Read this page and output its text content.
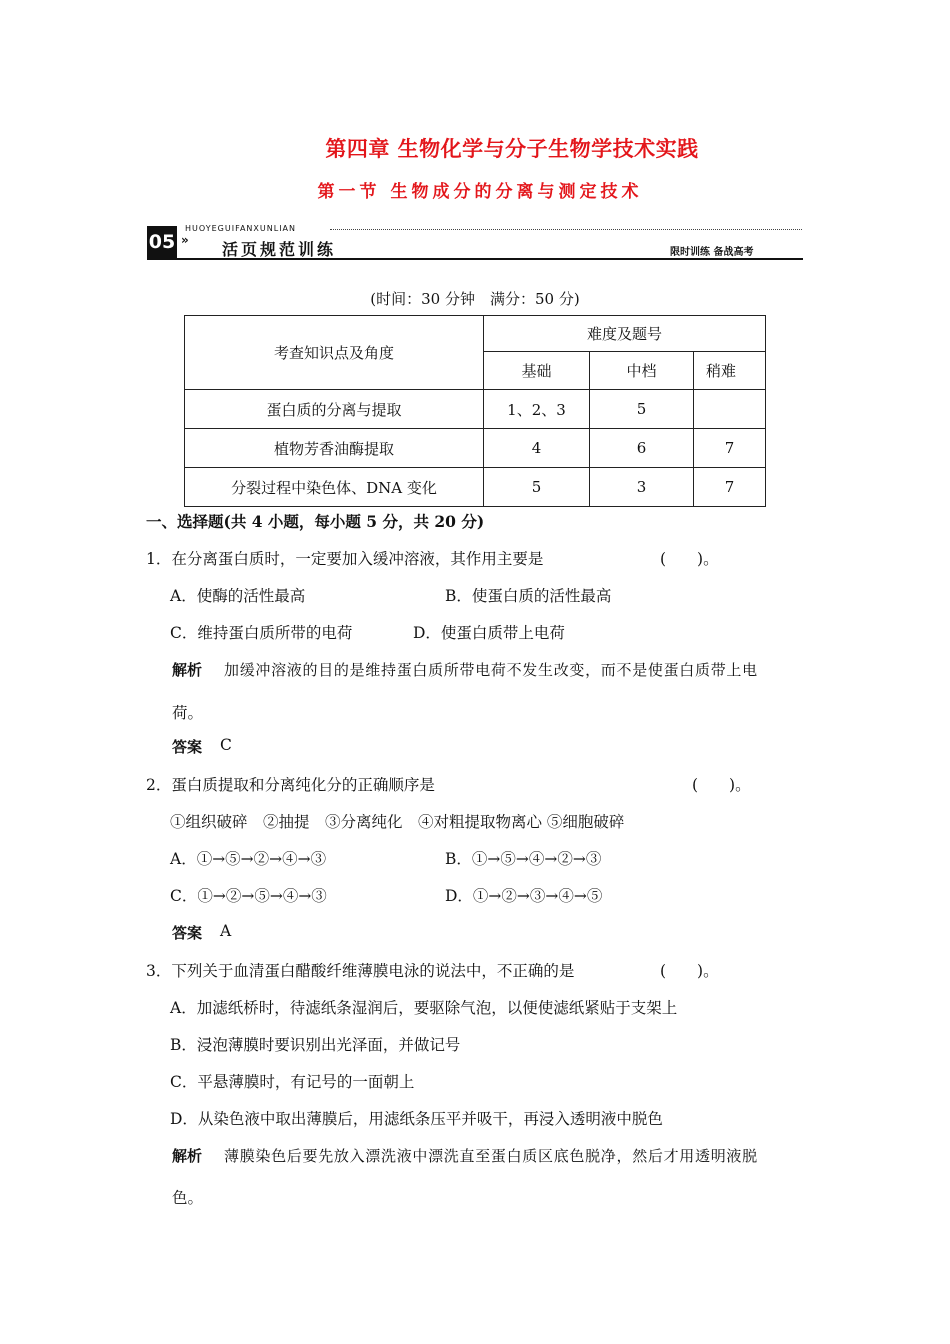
第四章 生物化学与分子生物学技术实践
第一节 生物成分的分离与测定技术
HUOYEGUIFANXUNLIAN
05 » 活页规范训练	限时训练 备战高考
(时间：30 分钟　满分：50 分)
考查知识点及角度	难度及题号		
	基础	中档	稍难
蛋白质的分离与提取	1、2、3	5	
植物芳香油酶提取	4	6	7
分裂过程中染色体、DNA 变化	5	3	7
一、选择题(共 4 小题，每小题 5 分，共 20 分)
1．在分离蛋白质时，一定要加入缓冲溶液，其作用主要是	(　　)。
A．使酶的活性最高	B．使蛋白质的活性最高
C．维持蛋白质所带的电荷	D．使蛋白质带上电荷
解析 加缓冲溶液的目的是维持蛋白质所带电荷不发生改变，而不是使蛋白质带上电
荷。
答案 C
2．蛋白质提取和分离纯化分的正确顺序是	(　　)。
①组织破碎　②抽提　③分离纯化　④对粗提取物离心 ⑤细胞破碎
A．①→⑤→②→④→③	B．①→⑤→④→②→③
C．①→②→⑤→④→③	D．①→②→③→④→⑤
答案 A
3．下列关于血清蛋白醋酸纤维薄膜电泳的说法中，不正确的是	(　　)。
A．加滤纸桥时，待滤纸条湿润后，要驱除气泡，以便使滤纸紧贴于支架上
B．浸泡薄膜时要识别出光泽面，并做记号
C．平悬薄膜时，有记号的一面朝上
D．从染色液中取出薄膜后，用滤纸条压平并吸干，再浸入透明液中脱色
解析 薄膜染色后要先放入漂洗液中漂洗直至蛋白质区底色脱净，然后才用透明液脱
色。
